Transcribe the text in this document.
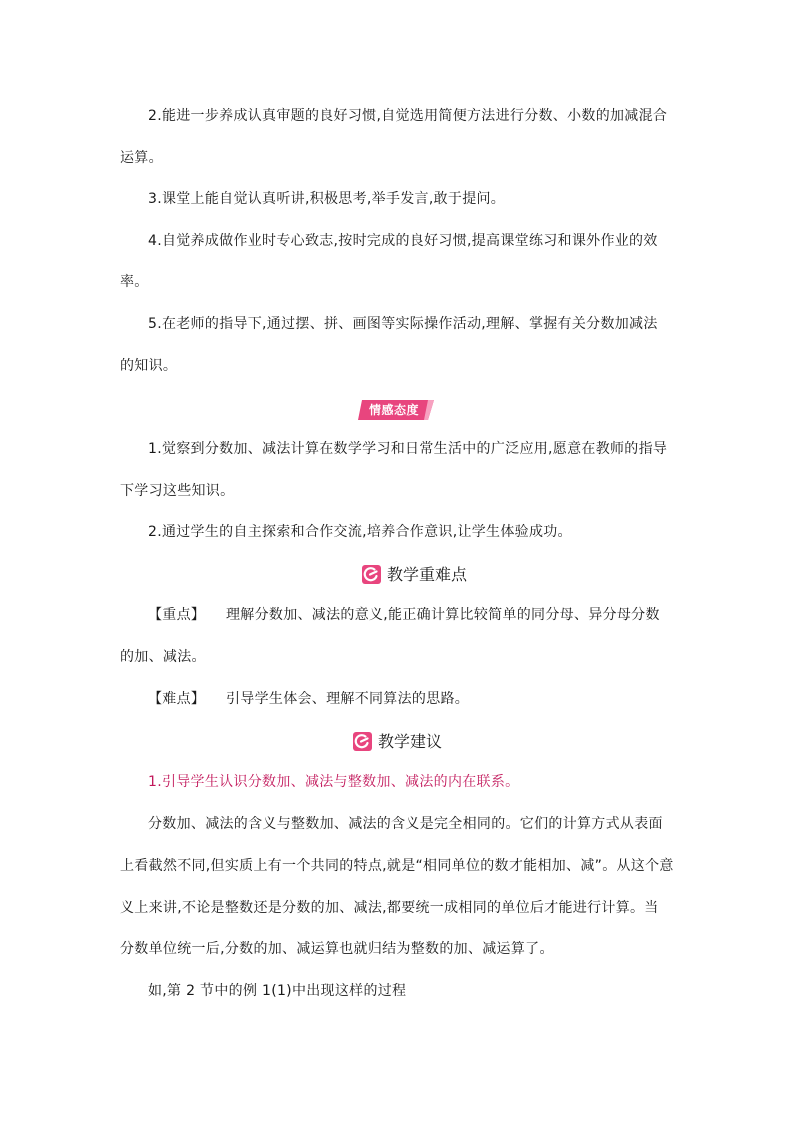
2.能进一步养成认真审题的良好习惯,自觉选用简便方法进行分数、小数的加减混合
运算。
3.课堂上能自觉认真听讲,积极思考,举手发言,敢于提问。
4.自觉养成做作业时专心致志,按时完成的良好习惯,提高课堂练习和课外作业的效
率。
5.在老师的指导下,通过摆、拼、画图等实际操作活动,理解、掌握有关分数加减法
的知识。
情感态度
1.觉察到分数加、减法计算在数学学习和日常生活中的广泛应用,愿意在教师的指导
下学习这些知识。
2.通过学生的自主探索和合作交流,培养合作意识,让学生体验成功。
教学重难点
【重点】 理解分数加、减法的意义,能正确计算比较简单的同分母、异分母分数
的加、减法。
【难点】 引导学生体会、理解不同算法的思路。
教学建议
1.引导学生认识分数加、减法与整数加、减法的内在联系。
分数加、减法的含义与整数加、减法的含义是完全相同的。它们的计算方式从表面
上看截然不同,但实质上有一个共同的特点,就是“相同单位的数才能相加、减”。从这个意
义上来讲,不论是整数还是分数的加、减法,都要统一成相同的单位后才能进行计算。当
分数单位统一后,分数的加、减运算也就归结为整数的加、减运算了。
如,第 2 节中的例 1(1)中出现这样的过程
